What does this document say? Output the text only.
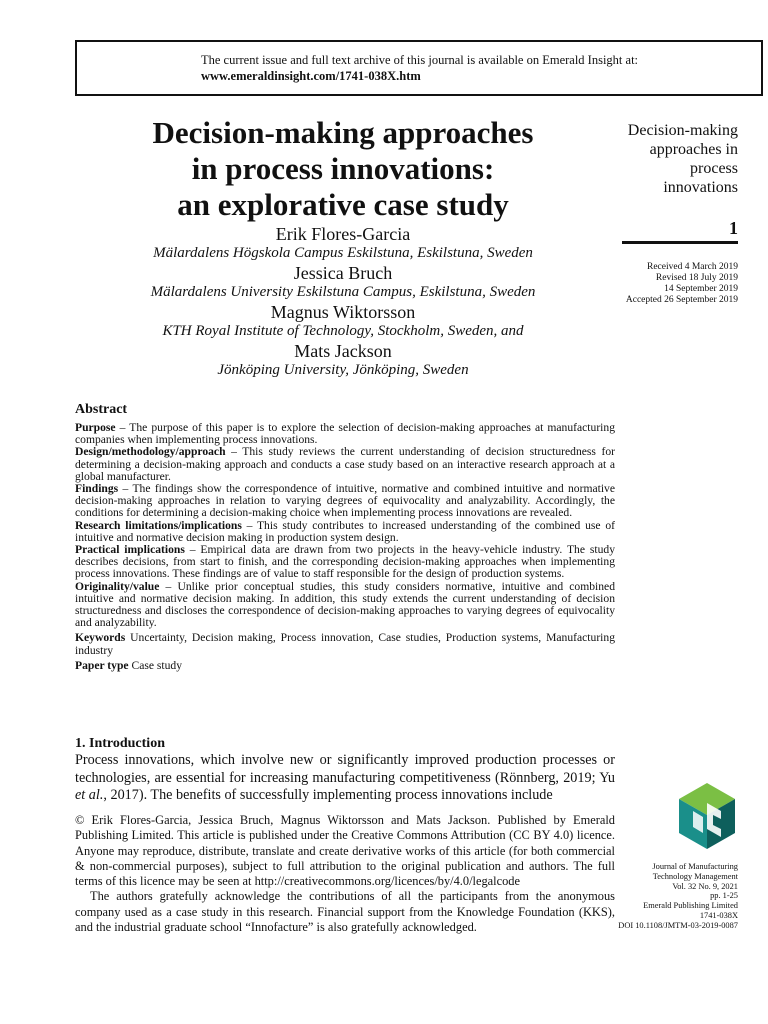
The current issue and full text archive of this journal is available on Emerald Insight at:
www.emeraldinsight.com/1741-038X.htm
Decision-making approaches
in process innovations:
an explorative case study
Erik Flores-Garcia
Mälardalens Högskola Campus Eskilstuna, Eskilstuna, Sweden
Jessica Bruch
Mälardalens University Eskilstuna Campus, Eskilstuna, Sweden
Magnus Wiktorsson
KTH Royal Institute of Technology, Stockholm, Sweden, and
Mats Jackson
Jönköping University, Jönköping, Sweden
Decision-making
approaches in
process
innovations
1
Received 4 March 2019
Revised 18 July 2019
14 September 2019
Accepted 26 September 2019
Abstract

Purpose – The purpose of this paper is to explore the selection of decision-making approaches at manufacturing companies when implementing process innovations.

Design/methodology/approach – This study reviews the current understanding of decision structuredness for determining a decision-making approach and conducts a case study based on an interactive research approach at a global manufacturer.

Findings – The findings show the correspondence of intuitive, normative and combined intuitive and normative decision-making approaches in relation to varying degrees of equivocality and analyzability. Accordingly, the conditions for determining a decision-making choice when implementing process innovations are revealed.

Research limitations/implications – This study contributes to increased understanding of the combined use of intuitive and normative decision making in production system design.

Practical implications – Empirical data are drawn from two projects in the heavy-vehicle industry. The study describes decisions, from start to finish, and the corresponding decision-making approaches when implementing process innovations. These findings are of value to staff responsible for the design of production systems.

Originality/value – Unlike prior conceptual studies, this study considers normative, intuitive and combined intuitive and normative decision making. In addition, this study extends the current understanding of decision structuredness and discloses the correspondence of decision-making approaches to varying degrees of equivocality and analyzability.

Keywords Uncertainty, Decision making, Process innovation, Case studies, Production systems, Manufacturing industry

Paper type Case study

1. Introduction

Process innovations, which involve new or significantly improved production processes or technologies, are essential for increasing manufacturing competitiveness (Rönnberg, 2019; Yu et al., 2017). The benefits of successfully implementing process innovations include

© Erik Flores-Garcia, Jessica Bruch, Magnus Wiktorsson and Mats Jackson. Published by Emerald Publishing Limited. This article is published under the Creative Commons Attribution (CC BY 4.0) licence. Anyone may reproduce, distribute, translate and create derivative works of this article (for both commercial & non-commercial purposes), subject to full attribution to the original publication and authors. The full terms of this licence may be seen at http://creativecommons.org/licences/by/4.0/legalcode

The authors gratefully acknowledge the contributions of all the participants from the anonymous company used as a case study in this research. Financial support from the Knowledge Foundation (KKS), and the industrial graduate school “Innofacture” is also gratefully acknowledged.

Journal of Manufacturing
Technology Management
Vol. 32 No. 9, 2021
pp. 1-25
Emerald Publishing Limited
1741-038X
DOI 10.1108/JMTM-03-2019-0087
